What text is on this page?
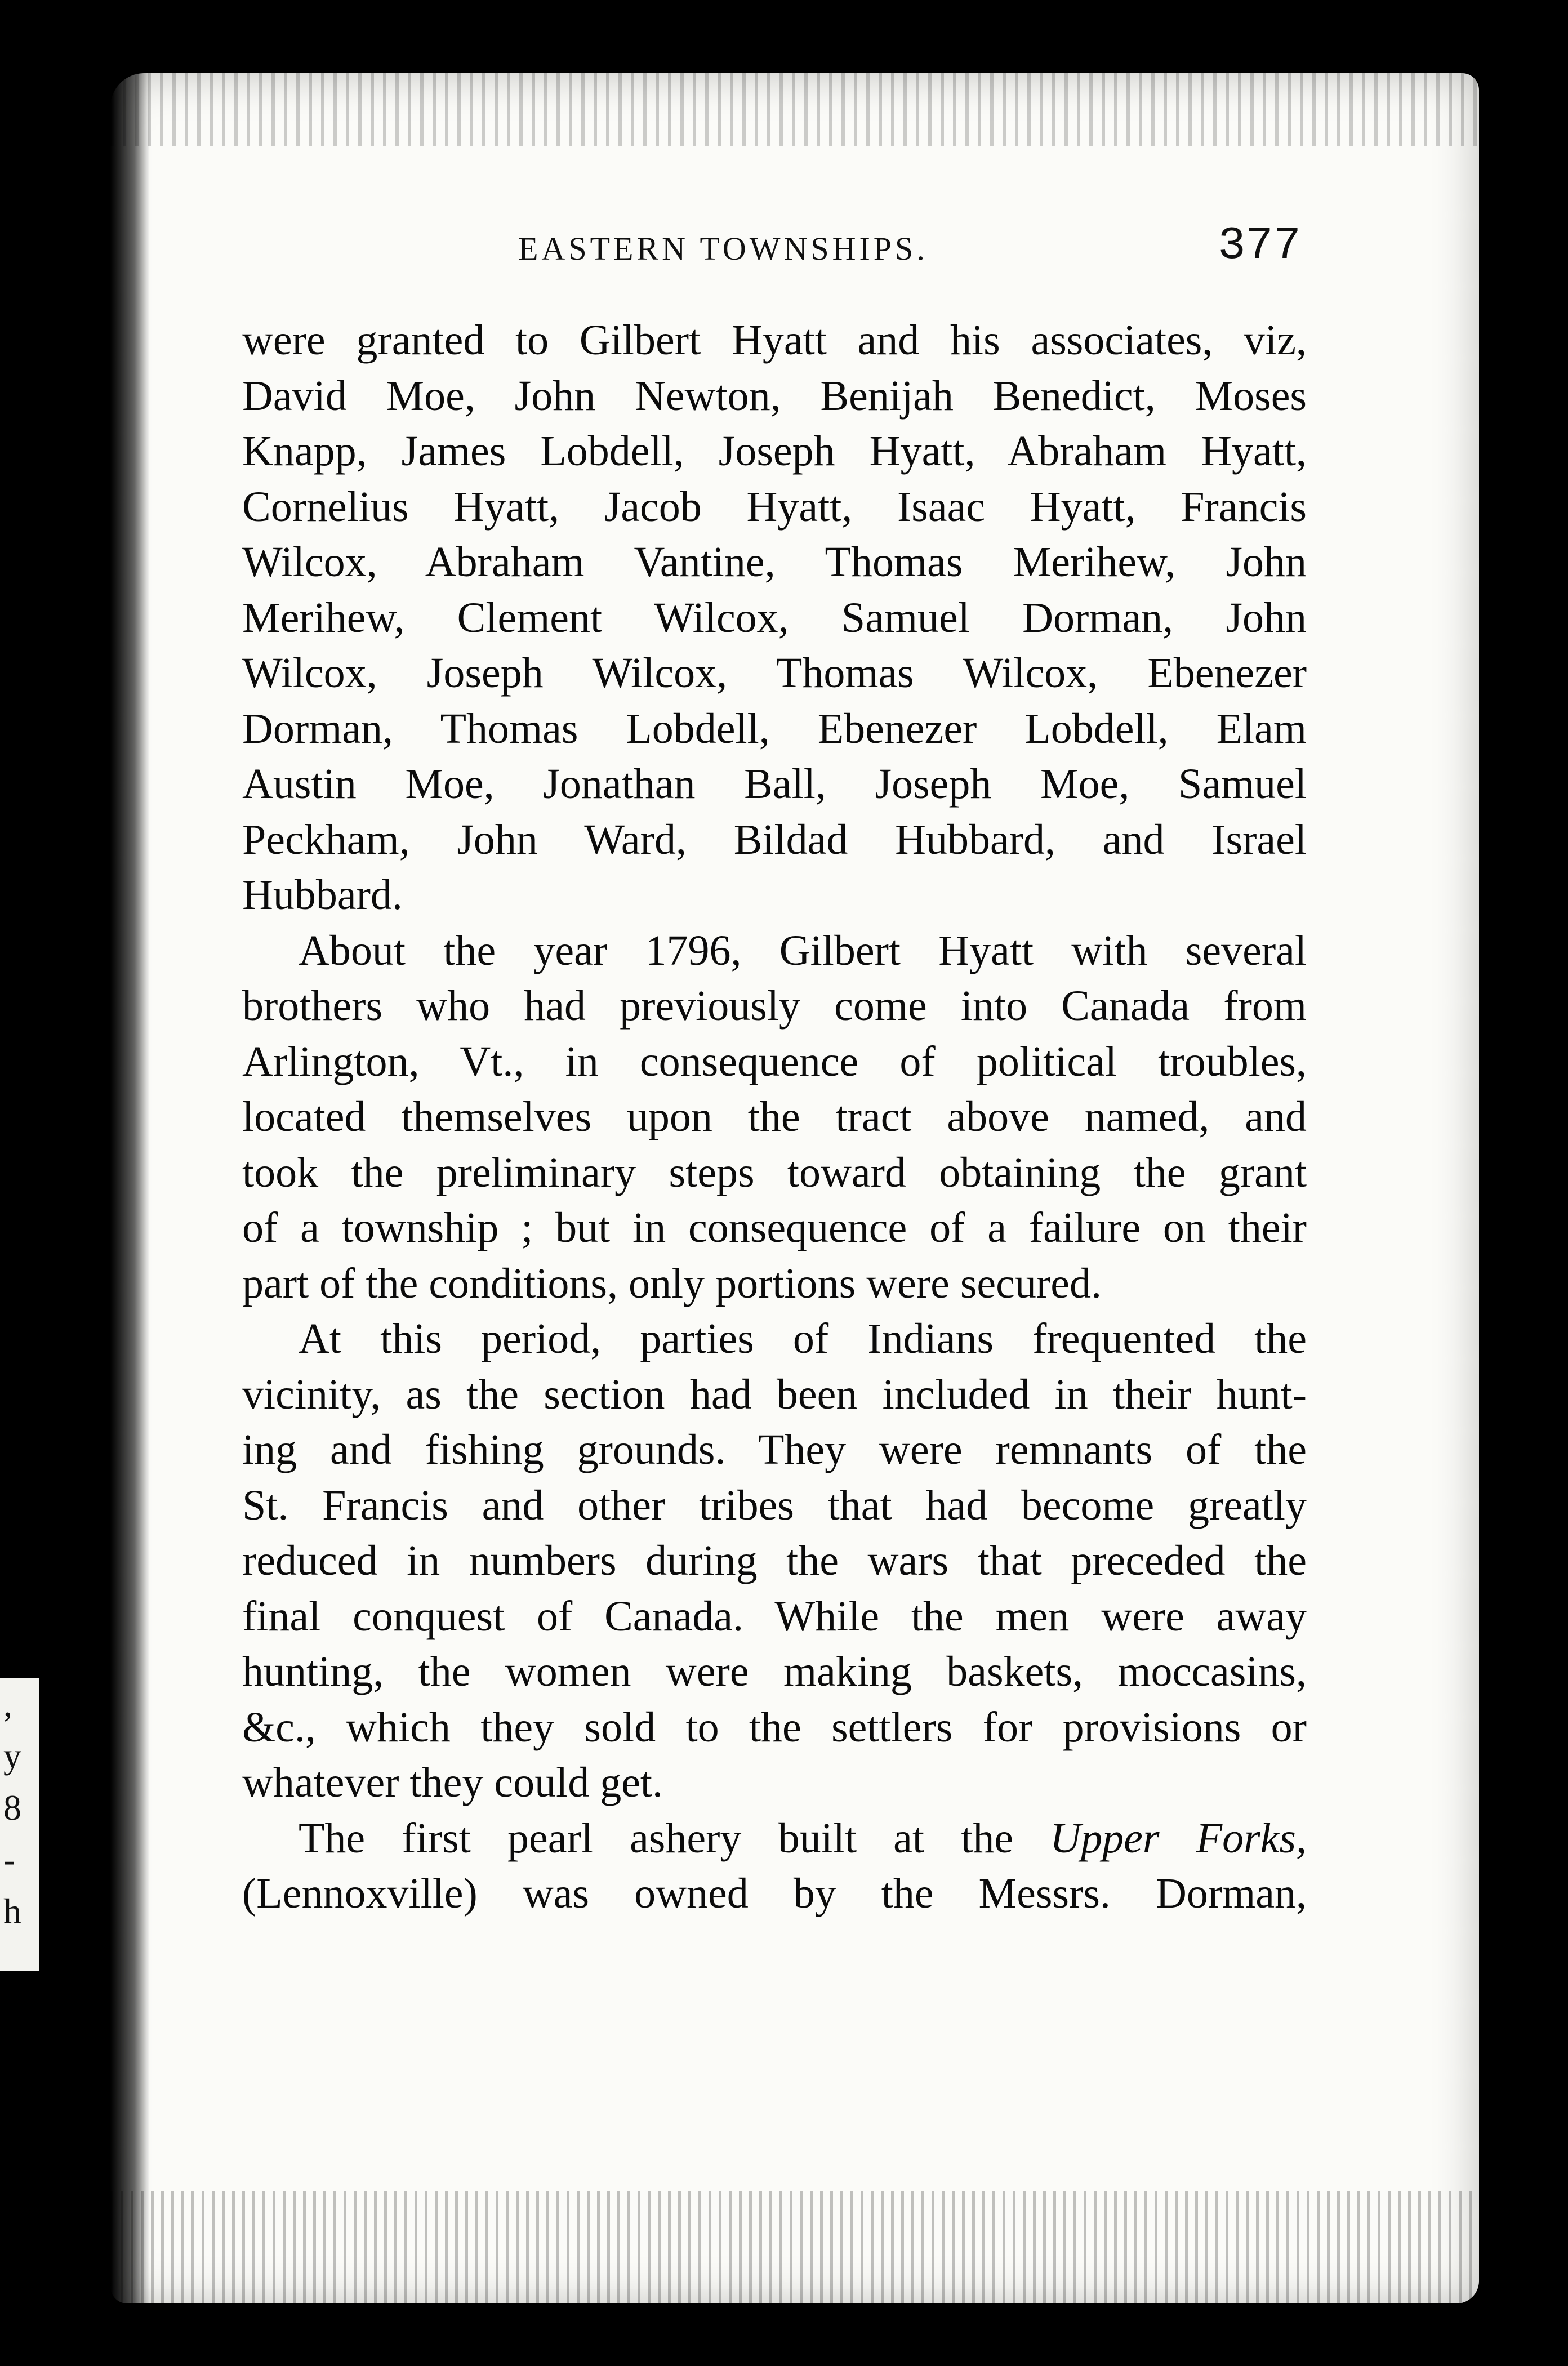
,
y
8
-
h
EASTERN TOWNSHIPS.	377

were granted to Gilbert Hyatt and his associates, viz,
David Moe, John Newton, Benijah Benedict, Moses
Knapp, James Lobdell, Joseph Hyatt, Abraham Hyatt,
Cornelius Hyatt, Jacob Hyatt, Isaac Hyatt, Francis
Wilcox, Abraham Vantine, Thomas Merihew, John
Merihew, Clement Wilcox, Samuel Dorman, John
Wilcox, Joseph Wilcox, Thomas Wilcox, Ebenezer
Dorman, Thomas Lobdell, Ebenezer Lobdell, Elam
Austin Moe, Jonathan Ball, Joseph Moe, Samuel
Peckham, John Ward, Bildad Hubbard, and Israel
Hubbard.

About the year 1796, Gilbert Hyatt with several
brothers who had previously come into Canada from
Arlington, Vt., in consequence of political troubles,
located themselves upon the tract above named, and
took the preliminary steps toward obtaining the grant
of a township ; but in consequence of a failure on their
part of the conditions, only portions were secured.

At this period, parties of Indians frequented the
vicinity, as the section had been included in their hunt-
ing and fishing grounds. They were remnants of the
St. Francis and other tribes that had become greatly
reduced in numbers during the wars that preceded the
final conquest of Canada. While the men were away
hunting, the women were making baskets, moccasins,
&c., which they sold to the settlers for provisions or
whatever they could get.

The first pearl ashery built at the Upper Forks,
(Lennoxville) was owned by the Messrs. Dorman,
